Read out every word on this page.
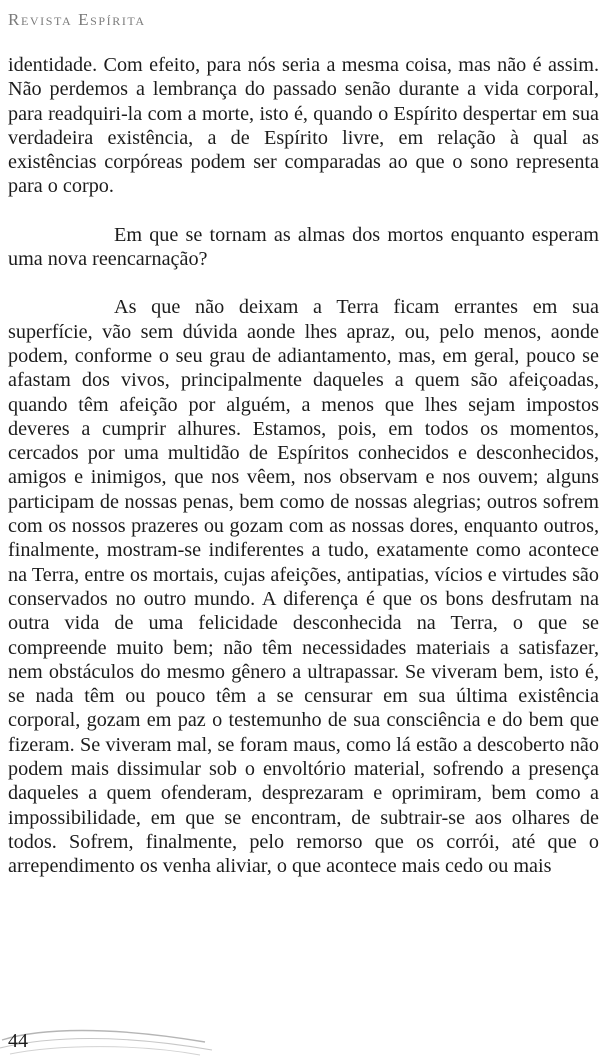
Revista Espírita

identidade. Com efeito, para nós seria a mesma coisa, mas não é assim. Não perdemos a lembrança do passado senão durante a vida corporal, para readquiri-la com a morte, isto é, quando o Espírito despertar em sua verdadeira existência, a de Espírito livre, em relação à qual as existências corpóreas podem ser comparadas ao que o sono representa para o corpo.

Em que se tornam as almas dos mortos enquanto esperam uma nova reencarnação?

As que não deixam a Terra ficam errantes em sua superfície, vão sem dúvida aonde lhes apraz, ou, pelo menos, aonde podem, conforme o seu grau de adiantamento, mas, em geral, pouco se afastam dos vivos, principalmente daqueles a quem são afeiçoadas, quando têm afeição por alguém, a menos que lhes sejam impostos deveres a cumprir alhures. Estamos, pois, em todos os momentos, cercados por uma multidão de Espíritos conhecidos e desconhecidos, amigos e inimigos, que nos vêem, nos observam e nos ouvem; alguns participam de nossas penas, bem como de nossas alegrias; outros sofrem com os nossos prazeres ou gozam com as nossas dores, enquanto outros, finalmente, mostram-se indiferentes a tudo, exatamente como acontece na Terra, entre os mortais, cujas afeições, antipatias, vícios e virtudes são conservados no outro mundo. A diferença é que os bons desfrutam na outra vida de uma felicidade desconhecida na Terra, o que se compreende muito bem; não têm necessidades materiais a satisfazer, nem obstáculos do mesmo gênero a ultrapassar. Se viveram bem, isto é, se nada têm ou pouco têm a se censurar em sua última existência corporal, gozam em paz o testemunho de sua consciência e do bem que fizeram. Se viveram mal, se foram maus, como lá estão a descoberto não podem mais dissimular sob o envoltório material, sofrendo a presença daqueles a quem ofenderam, desprezaram e oprimiram, bem como a impossibilidade, em que se encontram, de subtrair-se aos olhares de todos. Sofrem, finalmente, pelo remorso que os corrói, até que o arrependimento os venha aliviar, o que acontece mais cedo ou mais

44
